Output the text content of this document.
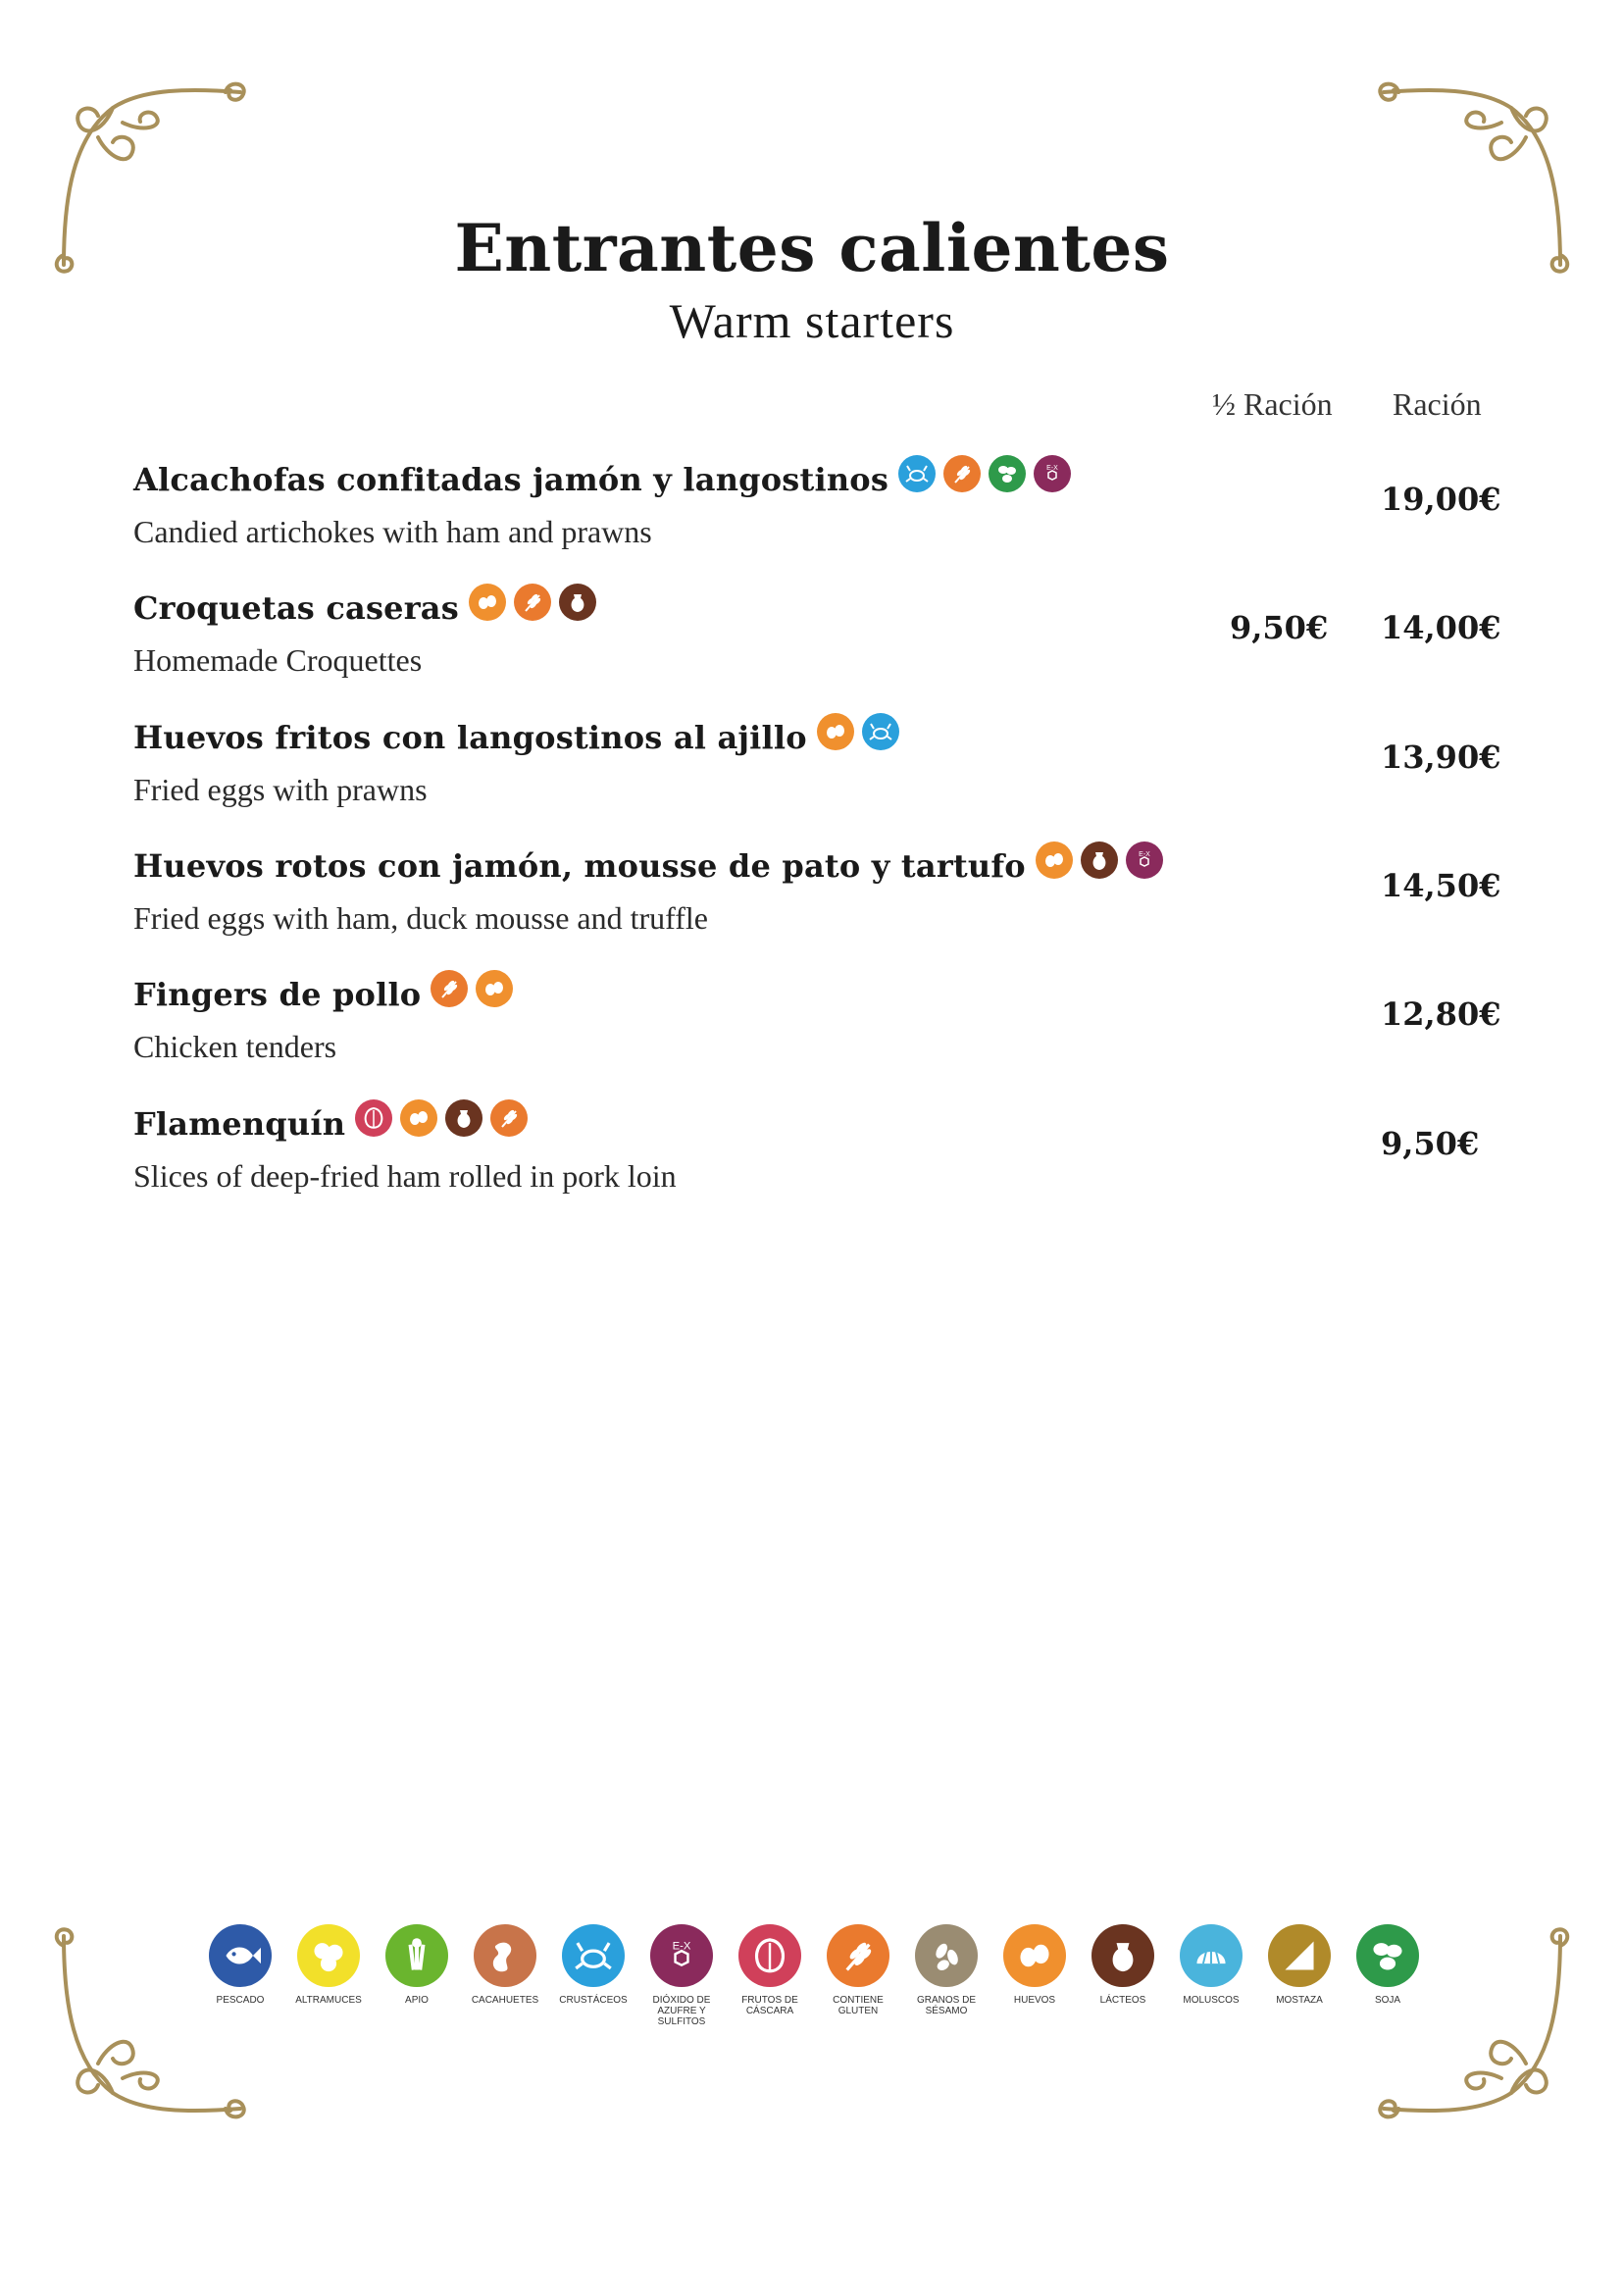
Entrantes calientes
Warm starters
½ Ración Ración
Alcachofas confitadas jamón y langostinos	E-X
Candied artichokes with ham and prawns
19,00€
Croquetas caseras
Homemade Croquettes
9,50€ 14,00€
Huevos fritos con langostinos al ajillo
Fried eggs with prawns
13,90€
Huevos rotos con jamón, mousse de pato y tartufo	E-X
Fried eggs with ham, duck mousse and truffle
14,50€
Fingers de pollo
Chicken tenders
12,80€
Flamenquín
Slices of deep-fried ham rolled in pork loin
9,50€
PESCADO	ALTRAMUCES	APIO	CACAHUETES	CRUSTÁCEOS
E-X
DIÓXIDO DE AZUFRE Y SULFITOS
FRUTOS DE CÁSCARA
CONTIENE GLUTEN
GRANOS DE SÉSAMO
HUEVOS	LÁCTEOS	MOLUSCOS	MOSTAZA	SOJA
